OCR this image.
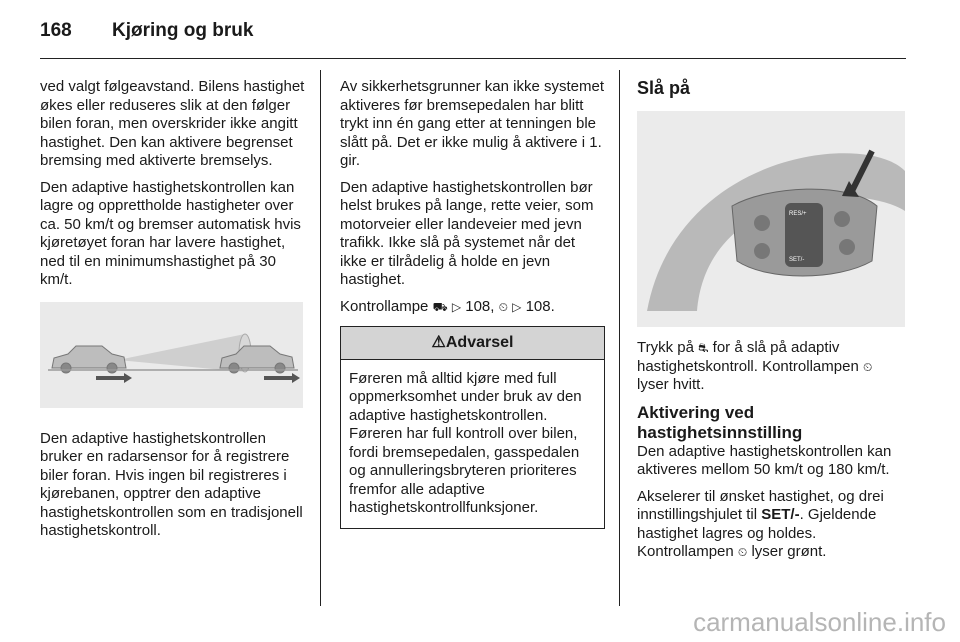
168 Kjøring og bruk

ved valgt følgeavstand. Bilens hastighet økes eller reduseres slik at den følger bilen foran, men overskrider ikke angitt hastighet. Den kan aktivere begrenset bremsing med aktiverte bremselys.

Den adaptive hastighetskontrollen kan lagre og opprettholde hastigheter over ca. 50 km/t og bremser automatisk hvis kjøretøyet foran har lavere hastighet, ned til en minimumshastighet på 30 km/t.

Den adaptive hastighetskontrollen bruker en radarsensor for å registrere biler foran. Hvis ingen bil registreres i kjørebanen, opptrer den adaptive hastighetskontrollen som en tradisjonell hastighetskontroll.

Av sikkerhetsgrunner kan ikke systemet aktiveres før bremsepedalen har blitt trykt inn én gang etter at tenningen ble slått på. Det er ikke mulig å aktivere i 1. gir.

Den adaptive hastighetskontrollen bør helst brukes på lange, rette veier, som motorveier eller landeveier med jevn trafikk. Ikke slå på systemet når det ikke er tilrådelig å holde en jevn hastighet.

Kontrollampe ⛟ ▷ 108, ⏲ ▷ 108.

⚠Advarsel
Føreren må alltid kjøre med full oppmerksomhet under bruk av den adaptive hastighetskontrollen. Føreren har full kontroll over bilen, fordi bremsepedalen, gasspedalen og annulleringsbryteren prioriteres fremfor alle adaptive hastighetskontrollfunksjoner.
Slå på
RES/+
SET/-

Trykk på ⛐ for å slå på adaptiv hastighetskontroll. Kontrollampen ⏲ lyser hvitt.

Aktivering ved hastighetsinnstilling

Den adaptive hastighetskontrollen kan aktiveres mellom 50 km/t og 180 km/t.

Akselerer til ønsket hastighet, og drei innstillingshjulet til SET/-. Gjeldende hastighet lagres og holdes. Kontrollampen ⏲ lyser grønt.

carmanualsonline.info
